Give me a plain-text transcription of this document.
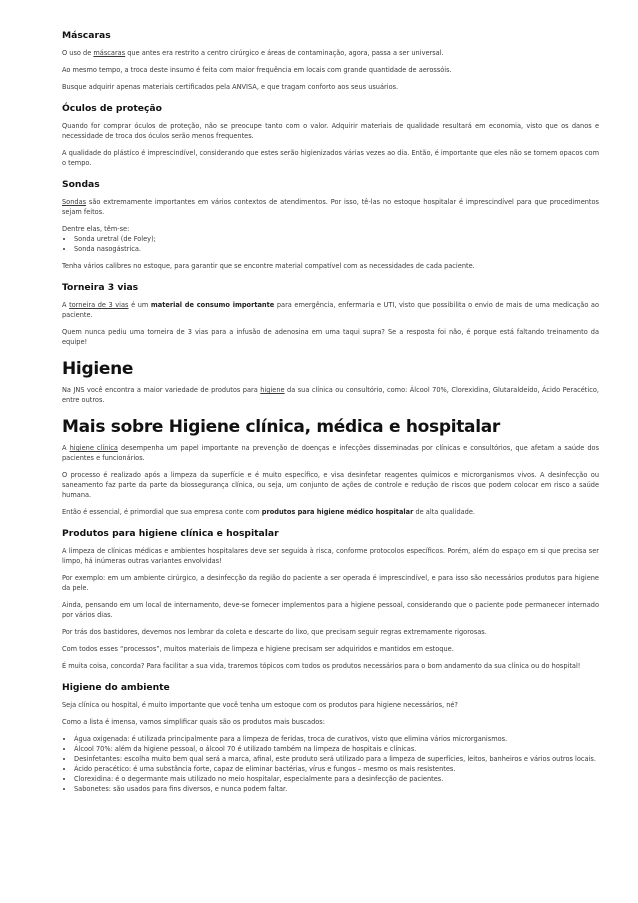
Máscaras

O uso de máscaras que antes era restrito a centro cirúrgico e áreas de contaminação, agora, passa a ser universal.

Ao mesmo tempo, a troca deste insumo é feita com maior frequência em locais com grande quantidade de aerossóis.

Busque adquirir apenas materiais certificados pela ANVISA, e que tragam conforto aos seus usuários.

Óculos de proteção

Quando for comprar óculos de proteção, não se preocupe tanto com o valor. Adquirir materiais de qualidade resultará em economia, visto que os danos e necessidade de troca dos óculos serão menos frequentes.

A qualidade do plástico é imprescindível, considerando que estes serão higienizados várias vezes ao dia. Então, é importante que eles não se tornem opacos com o tempo.

Sondas

Sondas são extremamente importantes em vários contextos de atendimentos. Por isso, tê-las no estoque hospitalar é imprescindível para que procedimentos sejam feitos.

Dentre elas, têm-se:

• Sonda uretral (de Foley);
• Sonda nasogástrica.

Tenha vários calibres no estoque, para garantir que se encontre material compatível com as necessidades de cada paciente.

Torneira 3 vias

A torneira de 3 vias é um material de consumo importante para emergência, enfermaria e UTI, visto que possibilita o envio de mais de uma medicação ao paciente.

Quem nunca pediu uma torneira de 3 vias para a infusão de adenosina em uma taqui supra? Se a resposta foi não, é porque está faltando treinamento da equipe!

Higiene

Na JNS você encontra a maior variedade de produtos para higiene da sua clínica ou consultório, como: Álcool 70%, Clorexidina, Glutaraldeído, Ácido Peracético, entre outros.

Mais sobre Higiene clínica, médica e hospitalar

A higiene clínica desempenha um papel importante na prevenção de doenças e infecções disseminadas por clínicas e consultórios, que afetam a saúde dos pacientes e funcionários.

O processo é realizado após a limpeza da superfície e é muito específico, e visa desinfetar reagentes químicos e microrganismos vivos. A desinfecção ou saneamento faz parte da parte da biossegurança clínica, ou seja, um conjunto de ações de controle e redução de riscos que podem colocar em risco a saúde humana.

Então é essencial, é primordial que sua empresa conte com produtos para higiene médico hospitalar de alta qualidade.

Produtos para higiene clínica e hospitalar

A limpeza de clínicas médicas e ambientes hospitalares deve ser seguida à risca, conforme protocolos específicos. Porém, além do espaço em si que precisa ser limpo, há inúmeras outras variantes envolvidas!

Por exemplo: em um ambiente cirúrgico, a desinfecção da região do paciente a ser operada é imprescindível, e para isso são necessários produtos para higiene da pele.

Ainda, pensando em um local de internamento, deve-se fornecer implementos para a higiene pessoal, considerando que o paciente pode permanecer internado por vários dias.

Por trás dos bastidores, devemos nos lembrar da coleta e descarte do lixo, que precisam seguir regras extremamente rigorosas.

Com todos esses “processos”, muitos materiais de limpeza e higiene precisam ser adquiridos e mantidos em estoque.

É muita coisa, concorda? Para facilitar a sua vida, traremos tópicos com todos os produtos necessários para o bom andamento da sua clínica ou do hospital!

Higiene do ambiente

Seja clínica ou hospital, é muito importante que você tenha um estoque com os produtos para higiene necessários, né?

Como a lista é imensa, vamos simplificar quais são os produtos mais buscados:

• Água oxigenada: é utilizada principalmente para a limpeza de feridas, troca de curativos, visto que elimina vários microrganismos.
• Álcool 70%: além da higiene pessoal, o álcool 70 é utilizado também na limpeza de hospitais e clínicas.
• Desinfetantes: escolha muito bem qual será a marca, afinal, este produto será utilizado para a limpeza de superfícies, leitos, banheiros e vários outros locais.
• Ácido peracético: é uma substância forte, capaz de eliminar bactérias, vírus e fungos – mesmo os mais resistentes.
• Clorexidina: é o degermante mais utilizado no meio hospitalar, especialmente para a desinfecção de pacientes.
• Sabonetes: são usados para fins diversos, e nunca podem faltar.
